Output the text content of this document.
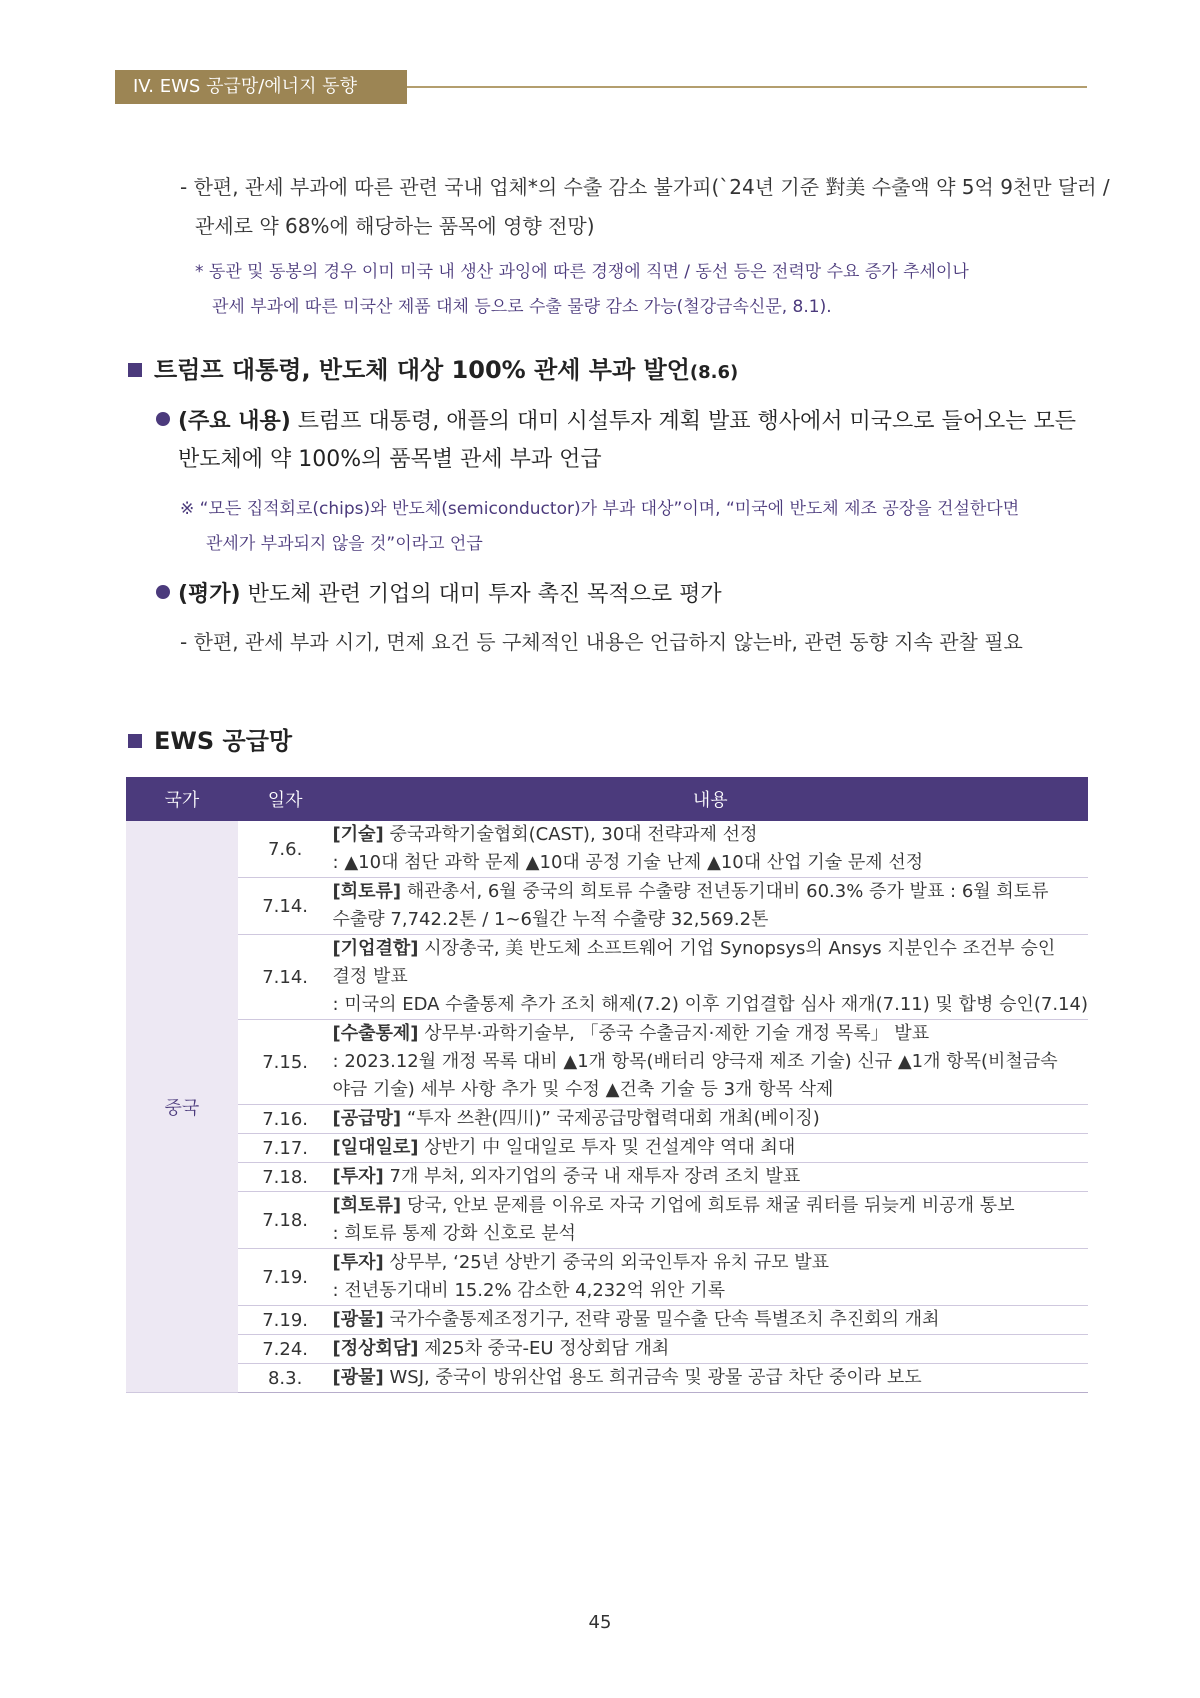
IV. EWS 공급망/에너지 동향
- 한편, 관세 부과에 따른 관련 국내 업체*의 수출 감소 불가피(`24년 기준 對美 수출액 약 5억 9천만 달러 /
관세로 약 68%에 해당하는 품목에 영향 전망)
* 동관 및 동봉의 경우 이미 미국 내 생산 과잉에 따른 경쟁에 직면 / 동선 등은 전력망 수요 증가 추세이나
관세 부과에 따른 미국산 제품 대체 등으로 수출 물량 감소 가능(철강금속신문, 8.1).
트럼프 대통령, 반도체 대상 100% 관세 부과 발언(8.6)
(주요 내용) 트럼프 대통령, 애플의 대미 시설투자 계획 발표 행사에서 미국으로 들어오는 모든
반도체에 약 100%의 품목별 관세 부과 언급
※ “모든 집적회로(chips)와 반도체(semiconductor)가 부과 대상”이며, “미국에 반도체 제조 공장을 건설한다면
관세가 부과되지 않을 것”이라고 언급
(평가) 반도체 관련 기업의 대미 투자 촉진 목적으로 평가
- 한편, 관세 부과 시기, 면제 요건 등 구체적인 내용은 언급하지 않는바, 관련 동향 지속 관찰 필요
EWS 공급망
국가	일자	내용
중국	7.6.	[기술] 중국과학기술협회(CAST), 30대 전략과제 선정
: ▲10대 첨단 과학 문제 ▲10대 공정 기술 난제 ▲10대 산업 기술 문제 선정

	7.14.	[희토류] 해관총서, 6월 중국의 희토류 수출량 전년동기대비 60.3% 증가 발표 : 6월 희토류
수출량 7,742.2톤 / 1~6월간 누적 수출량 32,569.2톤

	7.14.	[기업결합] 시장총국, 美 반도체 소프트웨어 기업 Synopsys의 Ansys 지분인수 조건부 승인
결정 발표
: 미국의 EDA 수출통제 추가 조치 해제(7.2) 이후 기업결합 심사 재개(7.11) 및 합병 승인(7.14)

	7.15.	[수출통제] 상무부·과학기술부, 「중국 수출금지·제한 기술 개정 목록」 발표
: 2023.12월 개정 목록 대비 ▲1개 항목(배터리 양극재 제조 기술) 신규 ▲1개 항목(비철금속
야금 기술) 세부 사항 추가 및 수정 ▲건축 기술 등 3개 항목 삭제

	7.16.	[공급망] “투자 쓰촨(四川)” 국제공급망협력대회 개최(베이징)

	7.17.	[일대일로] 상반기 中 일대일로 투자 및 건설계약 역대 최대

	7.18.	[투자] 7개 부처, 외자기업의 중국 내 재투자 장려 조치 발표

	7.18.	[희토류] 당국, 안보 문제를 이유로 자국 기업에 희토류 채굴 쿼터를 뒤늦게 비공개 통보
: 희토류 통제 강화 신호로 분석

	7.19.	[투자] 상무부, ‘25년 상반기 중국의 외국인투자 유치 규모 발표
: 전년동기대비 15.2% 감소한 4,232억 위안 기록

	7.19.	[광물] 국가수출통제조정기구, 전략 광물 밀수출 단속 특별조치 추진회의 개최

	7.24.	[정상회담] 제25차 중국-EU 정상회담 개최

	8.3.	[광물] WSJ, 중국이 방위산업 용도 희귀금속 및 광물 공급 차단 중이라 보도
45
